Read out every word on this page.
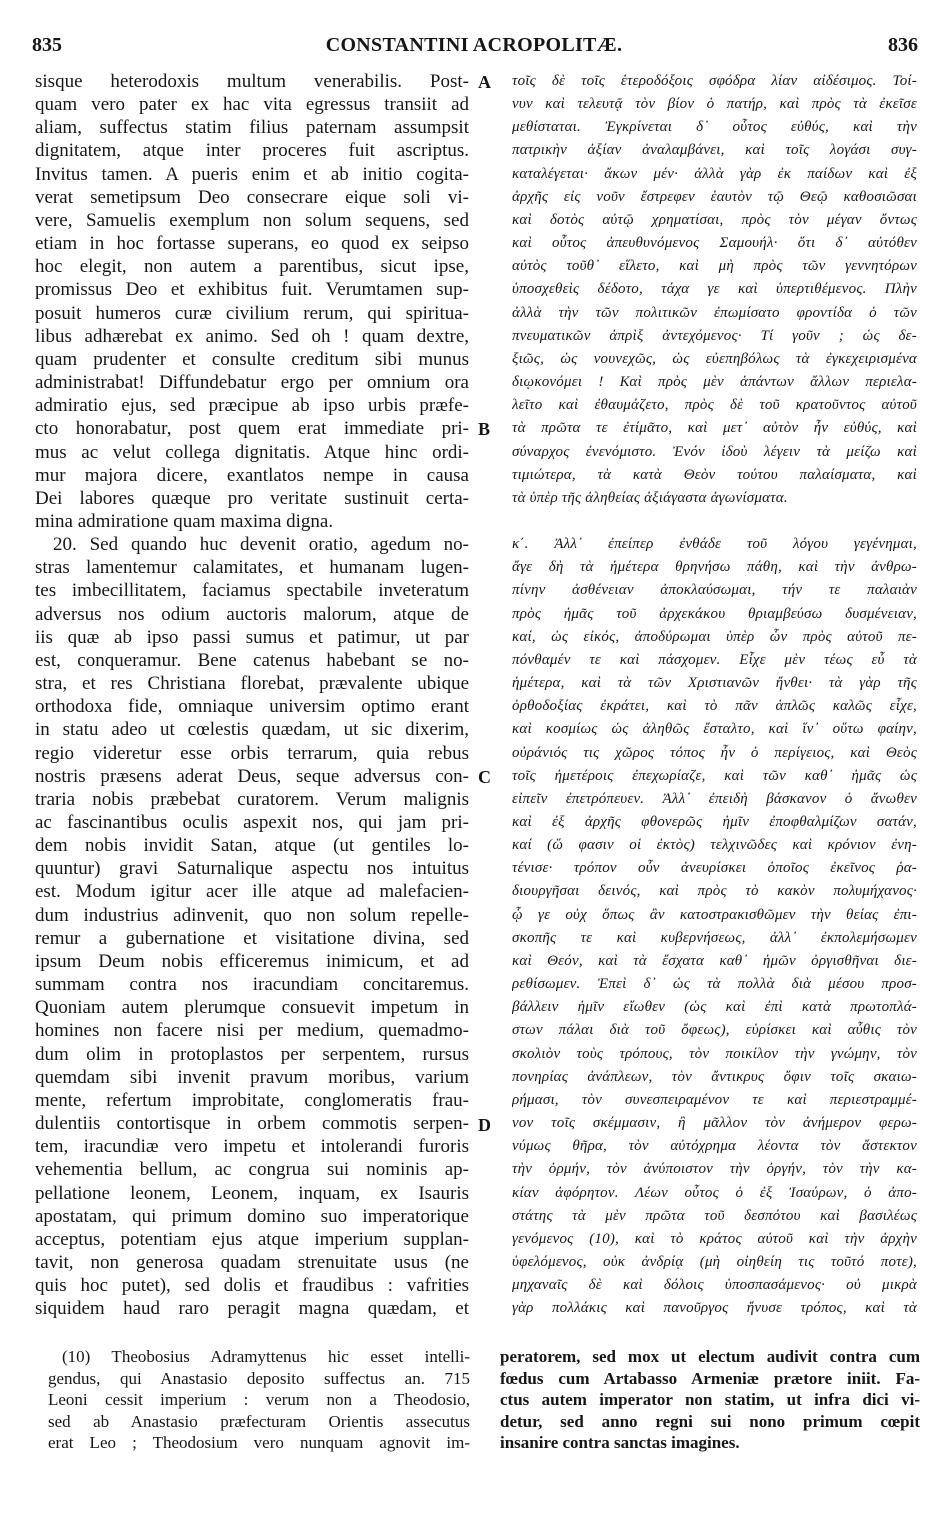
835	CONSTANTINI ACROPOLITÆ.	836
sisque heterodoxis multum venerabilis. Post-
quam vero pater ex hac vita egressus transiit ad
aliam, suffectus statim filius paternam assumpsit
dignitatem, atque inter proceres fuit ascriptus.
Invitus tamen. A pueris enim et ab initio cogita-
verat semetipsum Deo consecrare eique soli vi-
vere, Samuelis exemplum non solum sequens, sed
etiam in hoc fortasse superans, eo quod ex seipso
hoc elegit, non autem a parentibus, sicut ipse,
promissus Deo et exhibitus fuit. Verumtamen sup-
posuit humeros curæ civilium rerum, qui spiritua-
libus adhærebat ex animo. Sed oh ! quam dextre,
quam prudenter et consulte creditum sibi munus
administrabat! Diffundebatur ergo per omnium ora
admiratio ejus, sed præcipue ab ipso urbis præfe-
cto honorabatur, post quem erat immediate pri-
mus ac velut collega dignitatis. Atque hinc ordi-
mur majora dicere, exantlatos nempe in causa
Dei labores quæque pro veritate sustinuit certa-
mina admiratione quam maxima digna.
20. Sed quando huc devenit oratio, agedum no-
stras lamentemur calamitates, et humanam lugen-
tes imbecillitatem, faciamus spectabile inveteratum
adversus nos odium auctoris malorum, atque de
iis quæ ab ipso passi sumus et patimur, ut par
est, conqueramur. Bene catenus habebant se no-
stra, et res Christiana florebat, prævalente ubique
orthodoxa fide, omniaque universim optimo erant
in statu adeo ut cœlestis quædam, ut sic dixerim,
regio videretur esse orbis terrarum, quia rebus
nostris præsens aderat Deus, seque adversus con-
traria nobis præbebat curatorem. Verum malignis
ac fascinantibus oculis aspexit nos, qui jam pri-
dem nobis invidit Satan, atque (ut gentiles lo-
quuntur) gravi Saturnalique aspectu nos intuitus
est. Modum igitur acer ille atque ad malefacien-
dum industrius adinvenit, quo non solum repelle-
remur a gubernatione et visitatione divina, sed
ipsum Deum nobis efficeremus inimicum, et ad
summam contra nos iracundiam concitaremus.
Quoniam autem plerumque consuevit impetum in
homines non facere nisi per medium, quemadmo-
dum olim in protoplastos per serpentem, rursus
quemdam sibi invenit pravum moribus, varium
mente, refertum improbitate, conglomeratis frau-
dulentiis contortisque in orbem commotis serpen-
tem, iracundiæ vero impetu et intolerandi furoris
vehementia bellum, ac congrua sui nominis ap-
pellatione leonem, Leonem, inquam, ex Isauris
apostatam, qui primum domino suo imperatorique
acceptus, potentiam ejus atque imperium supplan-
tavit, non generosa quadam strenuitate usus (ne
quis hoc putet), sed dolis et fraudibus : vafrities
siquidem haud raro peragit magna quædam, et
τοῖς δὲ τοῖς ἑτεροδόξοις σφόδρα λίαν αἰδέσιμος. Τοί-
νυν καὶ τελευτᾷ τὸν βίον ὁ πατήρ, καὶ πρὸς τὰ ἐκεῖσε
μεθίσταται. Ἐγκρίνεται δ᾽ οὗτος εὐθύς, καὶ τὴν
πατρικὴν ἀξίαν ἀναλαμβάνει, καὶ τοῖς λογάσι συγ-
καταλέγεται· ἄκων μέν· ἀλλὰ γὰρ ἐκ παίδων καὶ ἐξ
ἀρχῆς εἰς νοῦν ἔστρεφεν ἑαυτὸν τῷ Θεῷ καθοσιῶσαι
καὶ δοτὸς αὐτῷ χρηματίσαι, πρὸς τὸν μέγαν ὄντως
καὶ οὗτος ἀπευθυνόμενος Σαμουήλ· ὅτι δ᾽ αὐτόθεν
αὐτὸς τοῦθ᾽ εἵλετο, καὶ μὴ πρὸς τῶν γεννητόρων
ὑποσχεθεὶς δέδοτο, τάχα γε καὶ ὑπερτιθέμενος. Πλὴν
ἀλλὰ τὴν τῶν πολιτικῶν ἐπωμίσατο φροντίδα ὁ τῶν
πνευματικῶν ἀπρὶξ ἀντεχόμενος· Τί γοῦν ; ὡς δε-
ξιῶς, ὡς νουνεχῶς, ὡς εὐεπηβόλως τὰ ἐγκεχειρισμένα
διῳκονόμει ! Καὶ πρὸς μὲν ἁπάντων ἄλλων περιελα-
λεῖτο καὶ ἐθαυμάζετο, πρὸς δὲ τοῦ κρατοῦντος αὐτοῦ
τὰ πρῶτα τε ἐτίμᾶτο, καὶ μετ᾽ αὐτὸν ἦν εὐθύς, καὶ
σύναρχος ἐνενόμιστο. Ἐνόν ἰδοὺ λέγειν τὰ μείζω καὶ
τιμιώτερα, τὰ κατὰ Θεὸν τούτου παλαίσματα, καὶ
τὰ ὑπὲρ τῆς ἀληθείας ἀξιάγαστα ἀγωνίσματα.
κ΄. Ἀλλ᾽ ἐπείπερ ἐνθάδε τοῦ λόγου γεγένημαι,
ἄγε δὴ τὰ ἡμέτερα θρηνήσω πάθη, καὶ τὴν ἀνθρω-
πίνην ἀσθένειαν ἀποκλαύσωμαι, τήν τε παλαιὰν
πρὸς ἡμᾶς τοῦ ἀρχεκάκου θριαμβεύσω δυσμένειαν,
καί, ὡς εἰκός, ἀποδύρωμαι ὑπὲρ ὧν πρὸς αὐτοῦ πε-
πόνθαμέν τε καὶ πάσχομεν. Εἶχε μὲν τέως εὖ τὰ
ἡμέτερα, καὶ τὰ τῶν Χριστιανῶν ἤνθει· τὰ γὰρ τῆς
ὀρθοδοξίας ἐκράτει, καὶ τὸ πᾶν ἁπλῶς καλῶς εἶχε,
καὶ κοσμίως ὡς ἀληθῶς ἔσταλτο, καὶ ἵν᾽ οὕτω φαίην,
οὐράνιός τις χῶρος τόπος ἦν ὁ περίγειος, καὶ Θεὸς
τοῖς ἡμετέροις ἐπεχωρίαζε, καὶ τῶν καθ᾽ ἡμᾶς ὡς
εἰπεῖν ἐπετρόπευεν. Ἀλλ᾽ ἐπειδὴ βάσκανον ὁ ἄνωθεν
καὶ ἐξ ἀρχῆς φθονερῶς ἡμῖν ἐποφθαλμίζων σατάν,
καί (ὥ φασιν οἱ ἐκτὸς) τελχινῶδες καὶ κρόνιον ἐνη-
τένισε· τρόπον οὖν ἀνευρίσκει ὁποῖος ἐκεῖνος ῥα-
διουργῆσαι δεινός, καὶ πρὸς τὸ κακὸν πολυμήχανος·
ᾧ γε οὐχ ὅπως ἂν κατοστρακισθῶμεν τὴν θείας ἐπι-
σκοπῆς τε καὶ κυβερνήσεως, ἀλλ᾽ ἐκπολεμήσωμεν
καὶ Θεόν, καὶ τὰ ἔσχατα καθ᾽ ἡμῶν ὀργισθῆναι διε-
ρεθίσωμεν. Ἐπεὶ δ᾽ ὡς τὰ πολλὰ διὰ μέσου προσ-
βάλλειν ἡμῖν εἴωθεν (ὡς καὶ ἐπὶ κατὰ πρωτοπλά-
στων πάλαι διὰ τοῦ ὄφεως), εὑρίσκει καὶ αὖθις τὸν
σκολιὸν τοὺς τρόπους, τὸν ποικίλον τὴν γνώμην, τὸν
πονηρίας ἀνάπλεων, τὸν ἄντικρυς ὄφιν τοῖς σκαιω-
ρήμασι, τὸν συνεσπειραμένον τε καὶ περιεστραμμέ-
νον τοῖς σκέμμασιν, ἢ μᾶλλον τὸν ἀνήμερον φερω-
νύμως θῆρα, τὸν αὐτόχρημα λέοντα τὸν ἄστεκτον
τὴν ὁρμήν, τὸν ἀνύποιστον τὴν ὀργήν, τὸν τὴν κα-
κίαν ἀφόρητον. Λέων οὗτος ὁ ἐξ Ἰσαύρων, ὁ ἀπο-
στάτης τὰ μὲν πρῶτα τοῦ δεσπότου καὶ βασιλέως
γενόμενος (10), καὶ τὸ κράτος αὐτοῦ καὶ τὴν ἀρχὴν
ὑφελόμενος, οὐκ ἀνδρίᾳ (μὴ οἰηθείη τις τοῦτό ποτε),
μηχαναῖς δὲ καὶ δόλοις ὑποσπασάμενος· οὐ μικρὰ
γὰρ πολλάκις καὶ πανοῦργος ἤνυσε τρόπος, καὶ τὰ
A
B
C
D
(10) Theobosius Adramyttenus hic esset intelli-
gendus, qui Anastasio deposito suffectus an. 715
Leoni cessit imperium : verum non a Theodosio,
sed ab Anastasio præfecturam Orientis assecutus
erat Leo ; Theodosium vero nunquam agnovit im-
peratorem, sed mox ut electum audivit contra cum
fœdus cum Artabasso Armeniæ prætore iniit. Fa-
ctus autem imperator non statim, ut infra dici vi-
detur, sed anno regni sui nono primum cœpit
insanire contra sanctas imagines.
